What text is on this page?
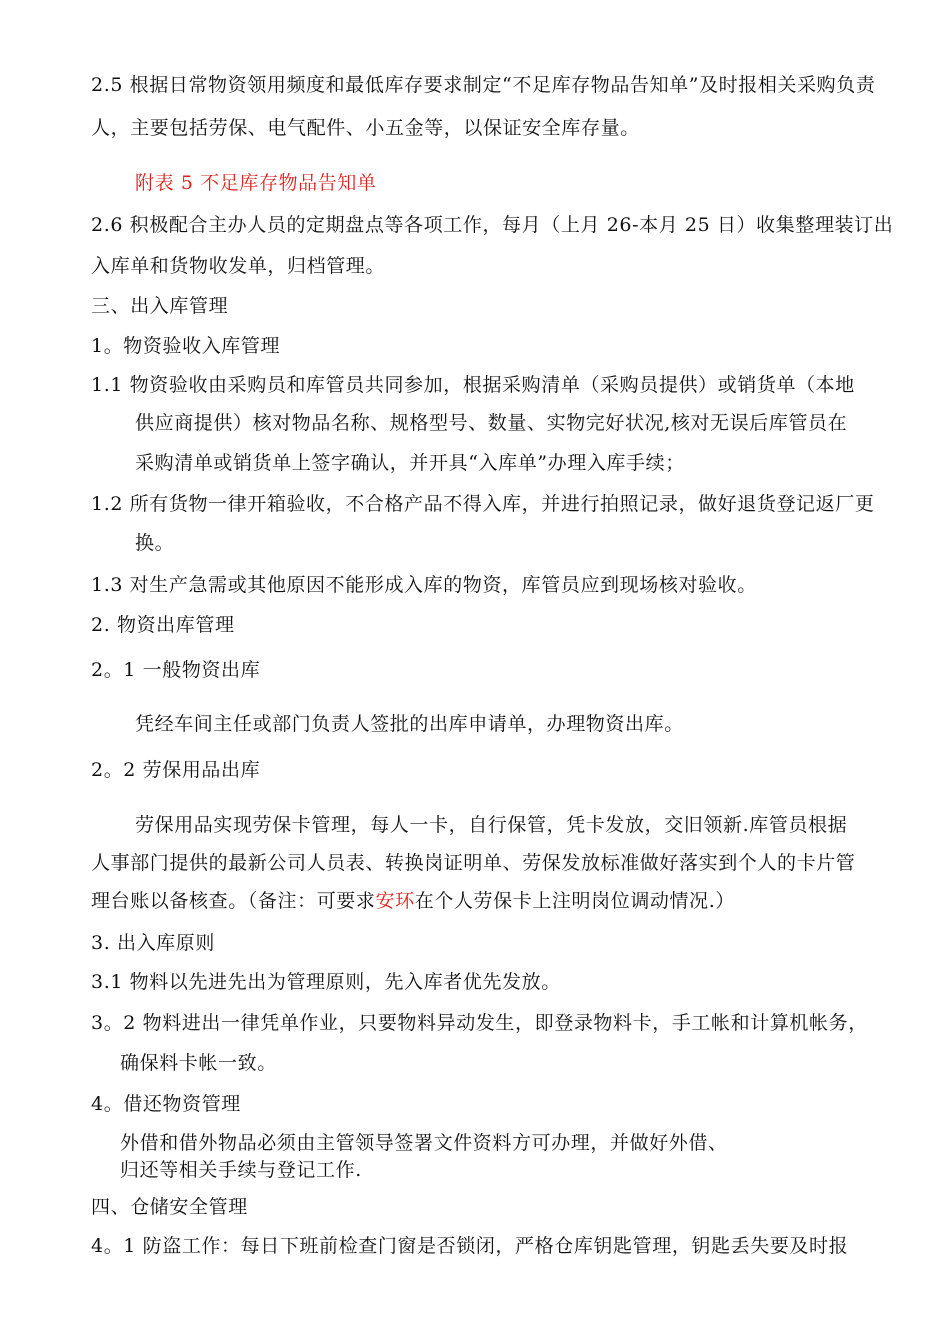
2.5 根据日常物资领用频度和最低库存要求制定“不足库存物品告知单”及时报相关采购负责
人，主要包括劳保、电气配件、小五金等，以保证安全库存量。
附表 5 不足库存物品告知单
2.6 积极配合主办人员的定期盘点等各项工作，每月（上月 26-本月 25 日）收集整理装订出
入库单和货物收发单，归档管理。
三、出入库管理
1。物资验收入库管理
1.1 物资验收由采购员和库管员共同参加，根据采购清单（采购员提供）或销货单（本地
供应商提供）核对物品名称、规格型号、数量、实物完好状况,核对无误后库管员在
采购清单或销货单上签字确认，并开具“入库单”办理入库手续；
1.2 所有货物一律开箱验收，不合格产品不得入库，并进行拍照记录，做好退货登记返厂更
换。
1.3 对生产急需或其他原因不能形成入库的物资，库管员应到现场核对验收。
2. 物资出库管理
2。1 一般物资出库
凭经车间主任或部门负责人签批的出库申请单，办理物资出库。
2。2 劳保用品出库
劳保用品实现劳保卡管理，每人一卡，自行保管，凭卡发放，交旧领新.库管员根据
人事部门提供的最新公司人员表、转换岗证明单、劳保发放标准做好落实到个人的卡片管
理台账以备核查。（备注：可要求安环在个人劳保卡上注明岗位调动情况.）
3. 出入库原则
3.1 物料以先进先出为管理原则，先入库者优先发放。
3。2 物料进出一律凭单作业，只要物料异动发生，即登录物料卡，手工帐和计算机帐务，
确保料卡帐一致。
4。借还物资管理
外借和借外物品必须由主管领导签署文件资料方可办理，并做好外借、
归还等相关手续与登记工作.
四、仓储安全管理
4。1 防盗工作：每日下班前检查门窗是否锁闭，严格仓库钥匙管理，钥匙丢失要及时报
